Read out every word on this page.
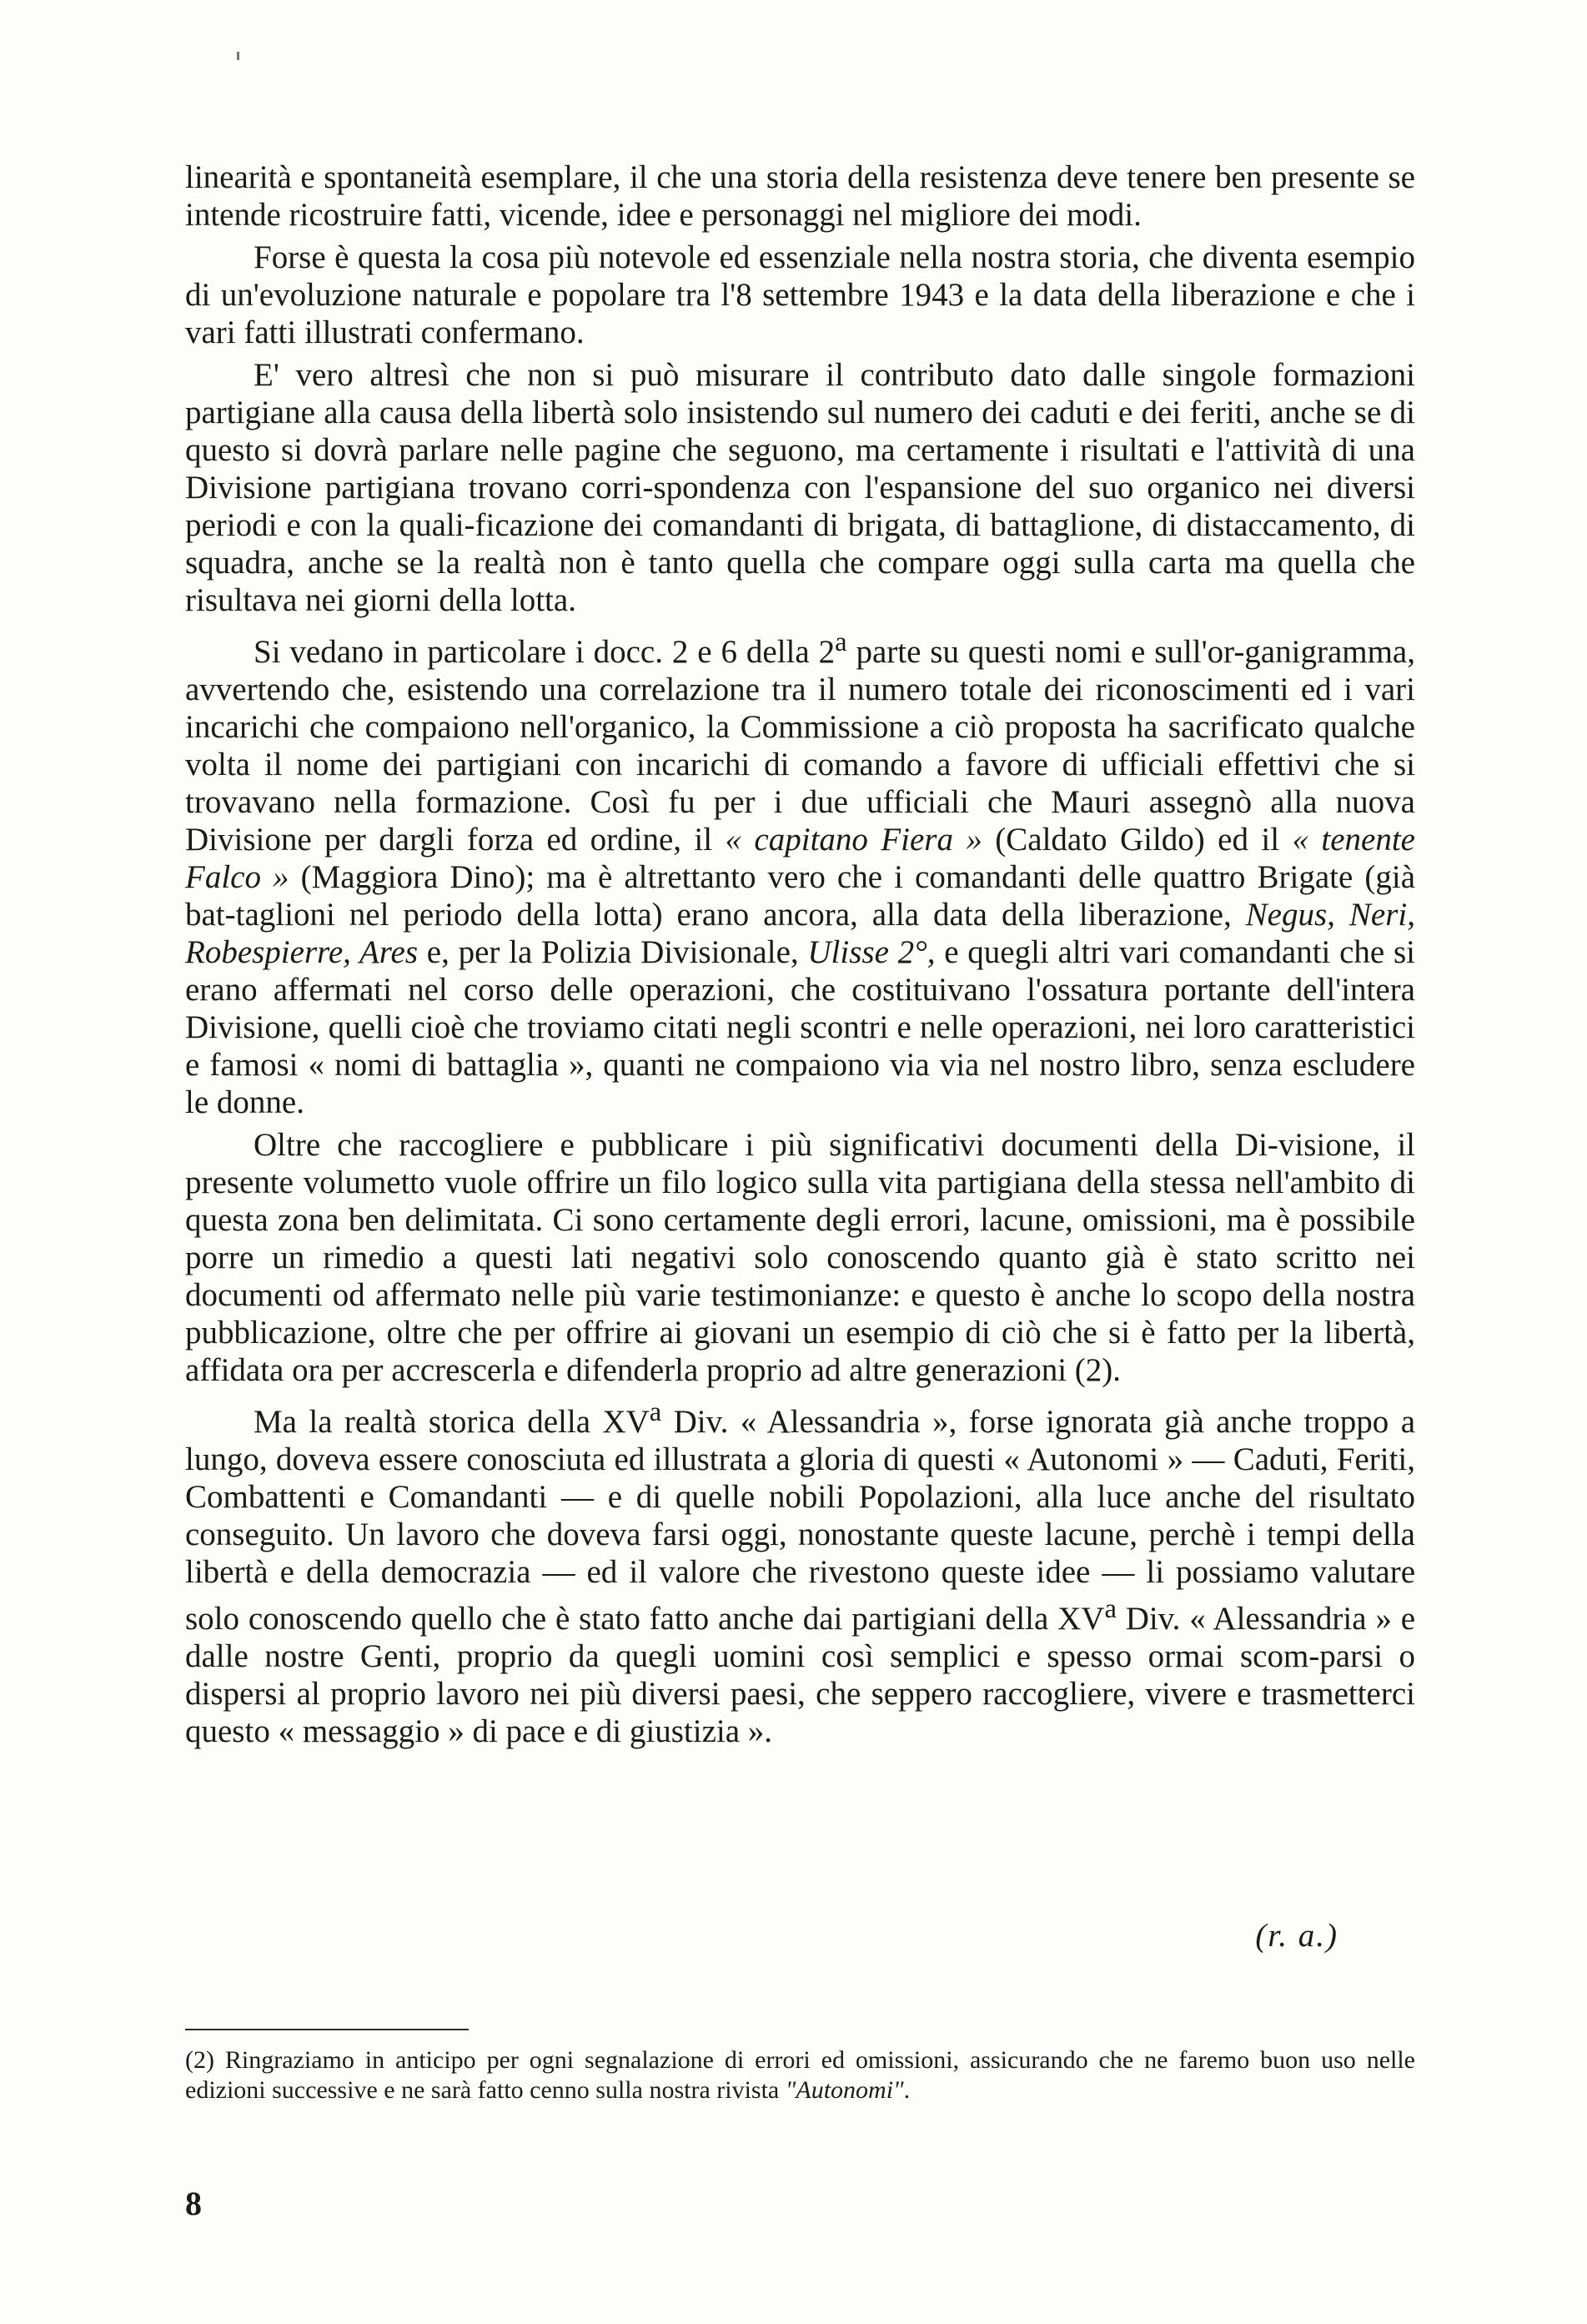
linearità e spontaneità esemplare, il che una storia della resistenza deve tenere ben presente se intende ricostruire fatti, vicende, idee e personaggi nel migliore dei modi.

Forse è questa la cosa più notevole ed essenziale nella nostra storia, che diventa esempio di un'evoluzione naturale e popolare tra l'8 settembre 1943 e la data della liberazione e che i vari fatti illustrati confermano.

E' vero altresì che non si può misurare il contributo dato dalle singole formazioni partigiane alla causa della libertà solo insistendo sul numero dei caduti e dei feriti, anche se di questo si dovrà parlare nelle pagine che seguono, ma certamente i risultati e l'attività di una Divisione partigiana trovano corri-spondenza con l'espansione del suo organico nei diversi periodi e con la quali-ficazione dei comandanti di brigata, di battaglione, di distaccamento, di squadra, anche se la realtà non è tanto quella che compare oggi sulla carta ma quella che risultava nei giorni della lotta.

Si vedano in particolare i docc. 2 e 6 della 2$^a$ parte su questi nomi e sull'or-ganigramma, avvertendo che, esistendo una correlazione tra il numero totale dei riconoscimenti ed i vari incarichi che compaiono nell'organico, la Commissione a ciò proposta ha sacrificato qualche volta il nome dei partigiani con incarichi di comando a favore di ufficiali effettivi che si trovavano nella formazione. Così fu per i due ufficiali che Mauri assegnò alla nuova Divisione per dargli forza ed ordine, il « capitano Fiera » (Caldato Gildo) ed il « tenente Falco » (Maggiora Dino); ma è altrettanto vero che i comandanti delle quattro Brigate (già bat-taglioni nel periodo della lotta) erano ancora, alla data della liberazione, Negus, Neri, Robespierre, Ares e, per la Polizia Divisionale, Ulisse 2°, e quegli altri vari comandanti che si erano affermati nel corso delle operazioni, che costituivano l'ossatura portante dell'intera Divisione, quelli cioè che troviamo citati negli scontri e nelle operazioni, nei loro caratteristici e famosi « nomi di battaglia », quanti ne compaiono via via nel nostro libro, senza escludere le donne.

Oltre che raccogliere e pubblicare i più significativi documenti della Di-visione, il presente volumetto vuole offrire un filo logico sulla vita partigiana della stessa nell'ambito di questa zona ben delimitata. Ci sono certamente degli errori, lacune, omissioni, ma è possibile porre un rimedio a questi lati negativi solo conoscendo quanto già è stato scritto nei documenti od affermato nelle più varie testimonianze: e questo è anche lo scopo della nostra pubblicazione, oltre che per offrire ai giovani un esempio di ciò che si è fatto per la libertà, affidata ora per accrescerla e difenderla proprio ad altre generazioni (2).

Ma la realtà storica della $XV^a$ Div. « Alessandria », forse ignorata già anche troppo a lungo, doveva essere conosciuta ed illustrata a gloria di questi « Autonomi » — Caduti, Feriti, Combattenti e Comandanti — e di quelle nobili Popolazioni, alla luce anche del risultato conseguito. Un lavoro che doveva farsi oggi, nonostante queste lacune, perchè i tempi della libertà e della democrazia — ed il valore che rivestono queste idee — li possiamo valutare solo conoscendo quello che è stato fatto anche dai partigiani della $XV^a$ Div. « Alessandria » e dalle nostre Genti, proprio da quegli uomini così semplici e spesso ormai scom-parsi o dispersi al proprio lavoro nei più diversi paesi, che seppero raccogliere, vivere e trasmetterci questo « messaggio » di pace e di giustizia ».

(r. a.)
(2) Ringraziamo in anticipo per ogni segnalazione di errori ed omissioni, assicurando che ne faremo buon uso nelle edizioni successive e ne sarà fatto cenno sulla nostra rivista "Autonomi".
8
